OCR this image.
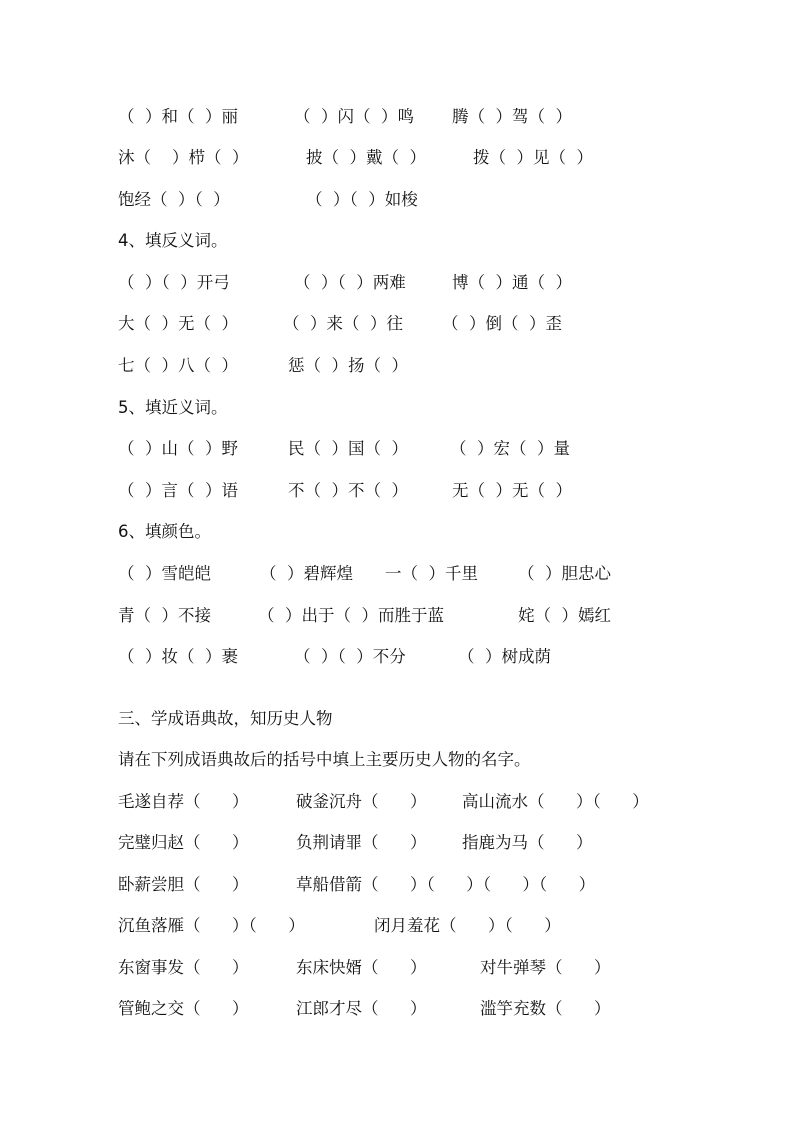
（  ）和（  ）丽	（  ）闪（  ）鸣 腾（  ）驾（  ）
沐（    ）栉（  ）	披（  ）戴（  ）	拨（  ）见（  ）
饱经（  ）（  ）	（  ）（  ）如梭
4、填反义词。
（  ）（  ）开弓	（  ）（  ）两难	博（  ）通（  ）
大（  ）无（  ）	（  ）来（  ）往 （  ）倒（  ）歪
七（  ）八（  ）	惩（  ）扬（  ）
5、填近义词。
（  ）山（  ）野	民（  ）国（  ）	（  ）宏（  ）量
（  ）言（  ）语	不（  ）不（  ）	无（  ）无（  ）
6、填颜色。
（  ）雪皑皑	（  ）碧辉煌 一（  ）千里 （  ）胆忠心
青（  ）不接	（  ）出于（  ）而胜于蓝	姹（  ）嫣红
（  ）妆（  ）裹	（  ）（  ）不分	（  ）树成荫
三、学成语典故，知历史人物
请在下列成语典故后的括号中填上主要历史人物的名字。
毛遂自荐（      ）	破釜沉舟（      ） 高山流水（      ）（      ）
完璧归赵（      ）	负荆请罪（      ） 指鹿为马（      ）
卧薪尝胆（      ）	草船借箭（      ）（      ）（      ）（      ）
沉鱼落雁（      ）（      ）	闭月羞花（      ）（      ）
东窗事发（      ）	东床快婿（      ）	对牛弹琴（      ）
管鲍之交（      ）	江郎才尽（      ）	滥竽充数（      ）
